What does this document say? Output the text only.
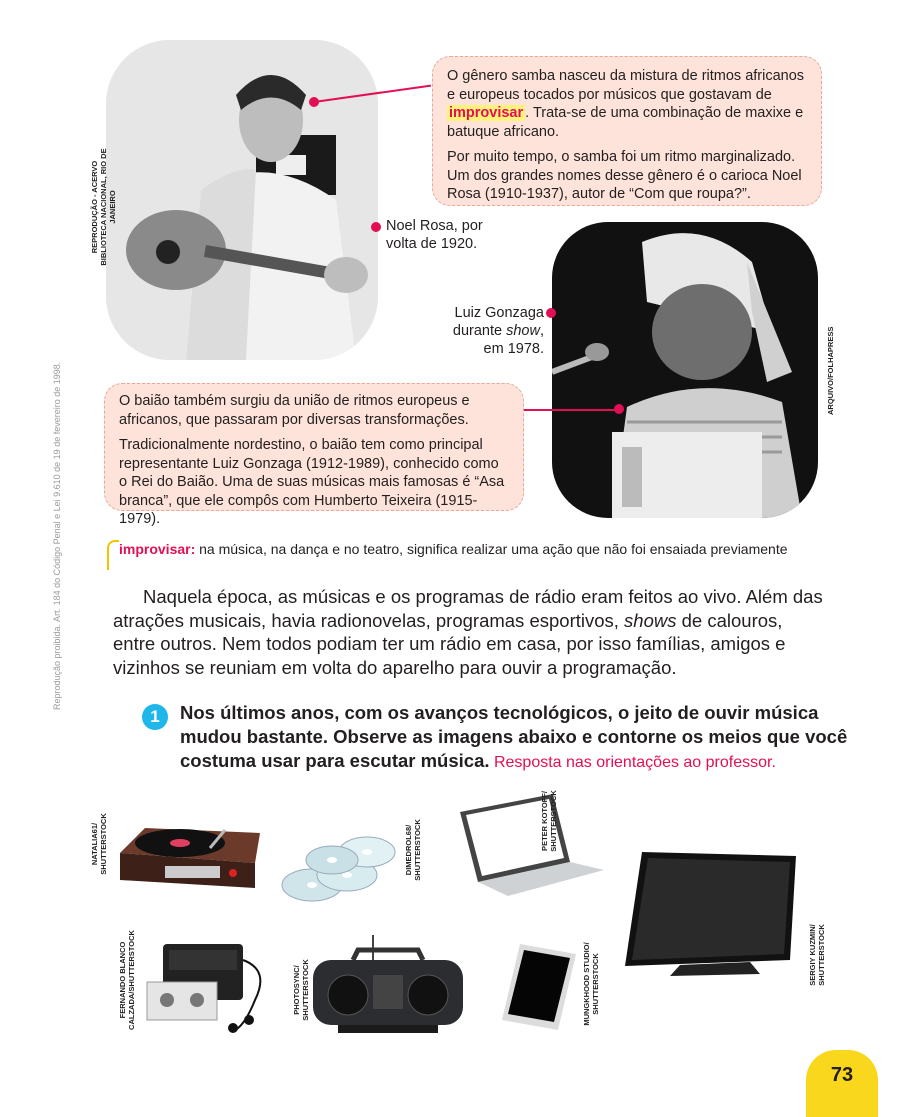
Reprodução proibida. Art. 184 do Código Penal e Lei 9.610 de 19 de fevereiro de 1998.
REPRODUÇÃO - ACERVO BIBLIOTECA NACIONAL, RIO DE JANEIRO

O gênero samba nasceu da mistura de ritmos africanos e europeus tocados por músicos que gostavam de improvisar . Trata-se de uma combinação de maxixe e batuque africano.

Por muito tempo, o samba foi um ritmo marginalizado. Um dos grandes nomes desse gênero é o carioca Noel Rosa (1910-1937), autor de “Com que roupa?”.

Noel Rosa, por
volta de 1920.
ARQUIVO/FOLHAPRESS
Luiz Gonzaga
durante show,
em 1978.

O baião também surgiu da união de ritmos europeus e africanos, que passaram por diversas transformações.

Tradicionalmente nordestino, o baião tem como principal representante Luiz Gonzaga (1912-1989), conhecido como o Rei do Baião. Uma de suas músicas mais famosas é “Asa branca”, que ele compôs com Humberto Teixeira (1915-1979).

improvisar: na música, na dança e no teatro, significa realizar uma ação que não foi ensaiada previamente
Naquela época, as músicas e os programas de rádio eram feitos ao vivo. Além das atrações musicais, havia radionovelas, programas esportivos, shows de calouros, entre outros. Nem todos podiam ter um rádio em casa, por isso famílias, amigos e vizinhos se reuniam em volta do aparelho para ouvir a programação.
1	Nos últimos anos, com os avanços tecnológicos, o jeito de ouvir música mudou bastante. Observe as imagens abaixo e contorne os meios que você costuma usar para escutar música. Resposta nas orientações ao professor.
NATALIA61/ SHUTTERSTOCK	DIMEDROL68/ SHUTTERSTOCK	PETER KOTOFF/ SHUTTERSTOCK
SERGIY KUZMIN/ SHUTTERSTOCK
FERNANDO BLANCO CALZADA/SHUTTERSTOCK	PHOTOSYNC/ SHUTTERSTOCK	MUNGKHOOD STUDIO/ SHUTTERSTOCK
73
